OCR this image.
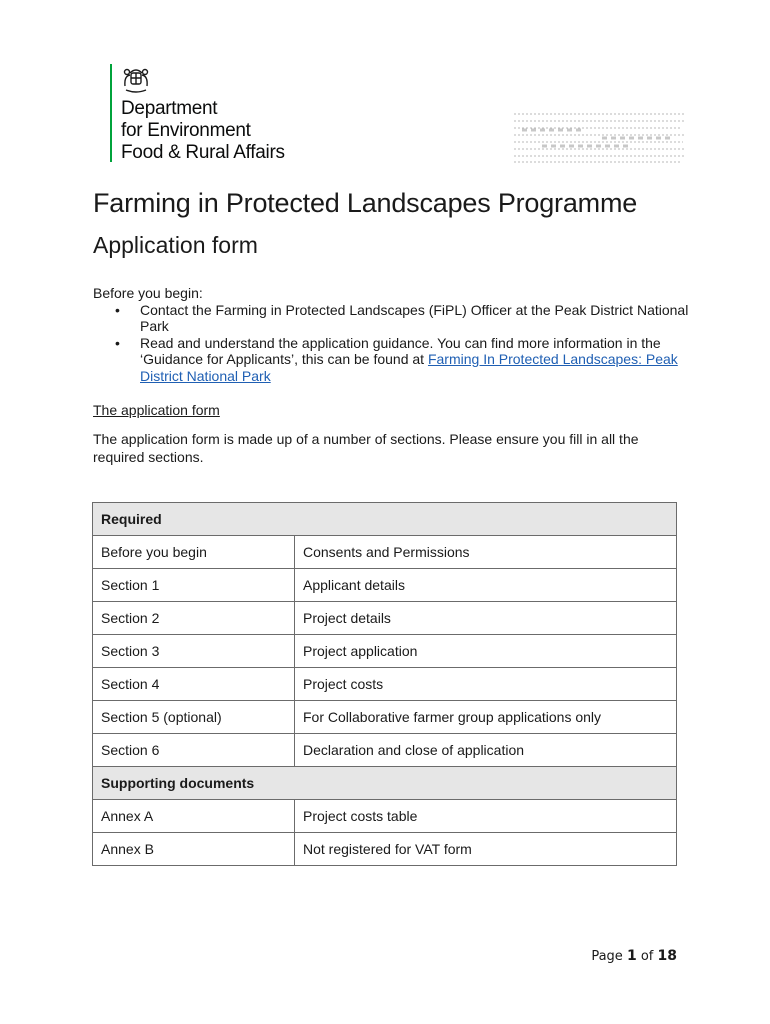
Department
for Environment
Food & Rural Affairs
Farming in Protected Landscapes Programme
Application form
Before you begin:
• Contact the Farming in Protected Landscapes (FiPL) Officer at the Peak District National Park
• Read and understand the application guidance. You can find more information in the ‘Guidance for Applicants’, this can be found at Farming In Protected Landscapes: Peak District National Park
The application form
The application form is made up of a number of sections. Please ensure you fill in all the required sections.
Required	
Before you begin	Consents and Permissions
Section 1	Applicant details
Section 2	Project details
Section 3	Project application
Section 4	Project costs
Section 5 (optional)	For Collaborative farmer group applications only
Section 6	Declaration and close of application
Supporting documents	
Annex A	Project costs table
Annex B	Not registered for VAT form
Page 1 of 18
